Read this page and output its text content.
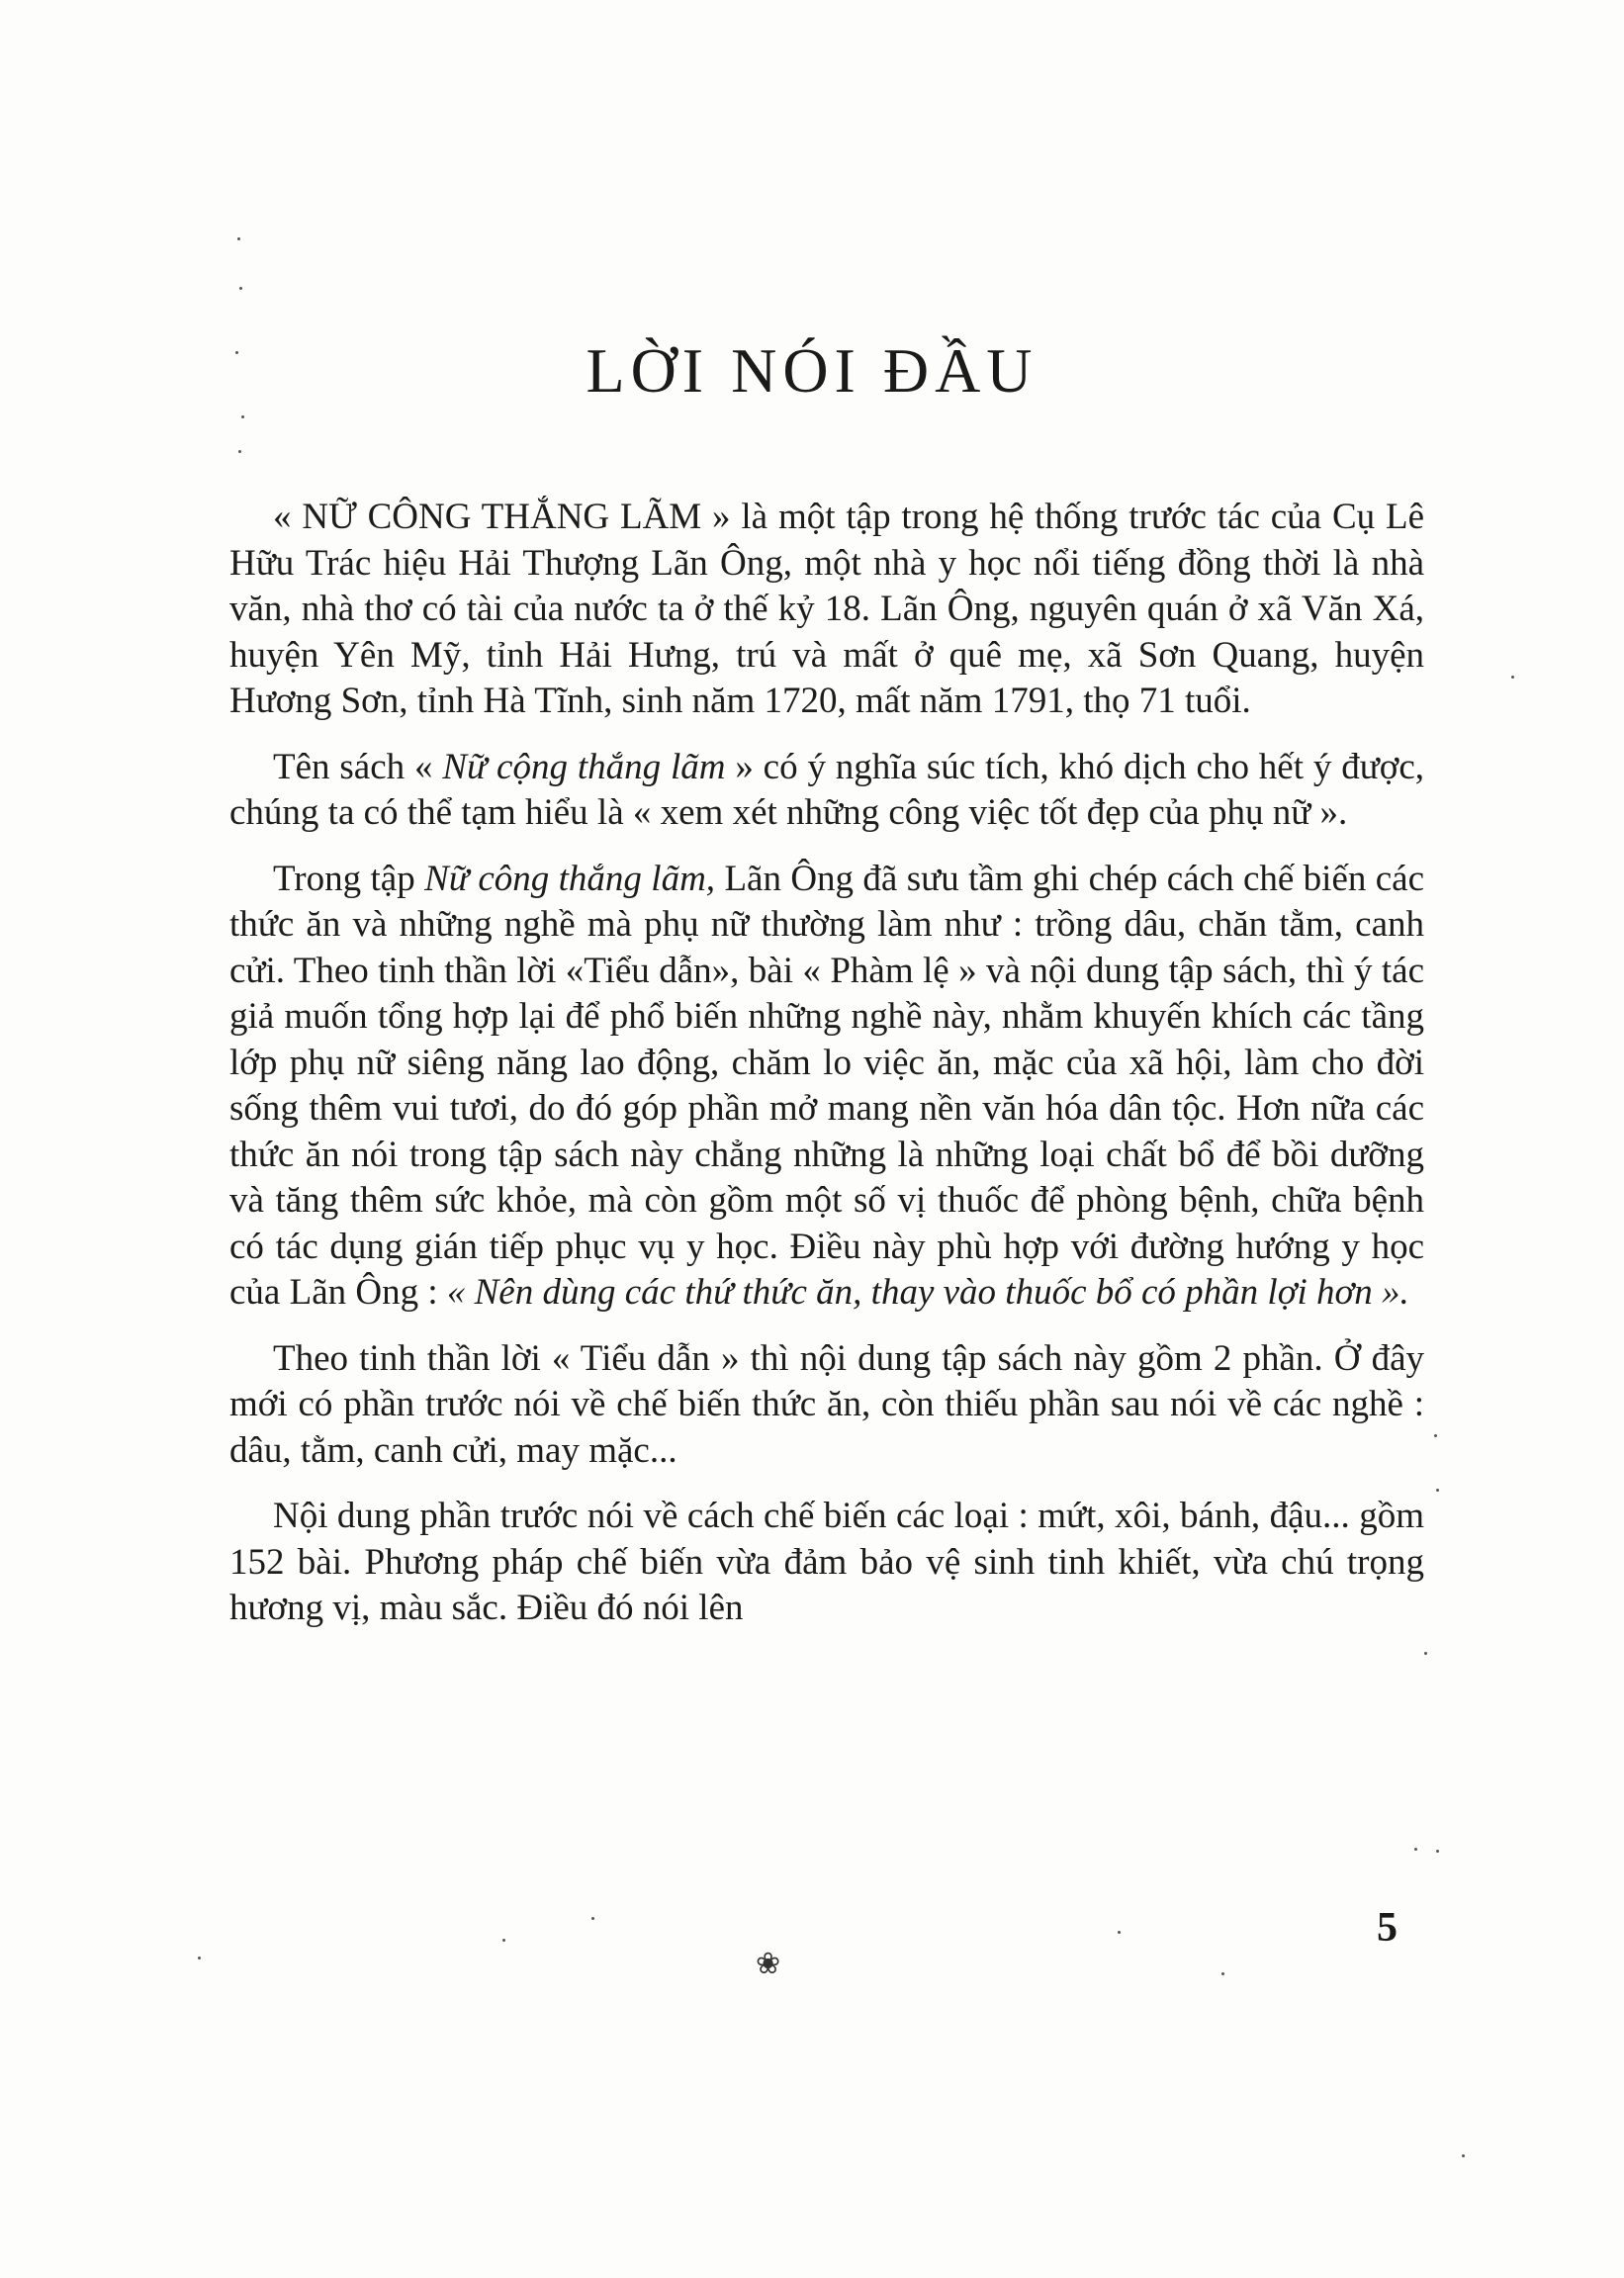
LỜI NÓI ĐẦU

« NỮ CÔNG THẮNG LÃM » là một tập trong hệ thống trước tác của Cụ Lê Hữu Trác hiệu Hải Thượng Lãn Ông, một nhà y học nổi tiếng đồng thời là nhà văn, nhà thơ có tài của nước ta ở thế kỷ 18. Lãn Ông, nguyên quán ở xã Văn Xá, huyện Yên Mỹ, tỉnh Hải Hưng, trú và mất ở quê mẹ, xã Sơn Quang, huyện Hương Sơn, tỉnh Hà Tĩnh, sinh năm 1720, mất năm 1791, thọ 71 tuổi.

Tên sách « Nữ cộng thắng lãm » có ý nghĩa súc tích, khó dịch cho hết ý được, chúng ta có thể tạm hiểu là « xem xét những công việc tốt đẹp của phụ nữ ».

Trong tập Nữ công thắng lãm, Lãn Ông đã sưu tầm ghi chép cách chế biến các thức ăn và những nghề mà phụ nữ thường làm như : trồng dâu, chăn tằm, canh cửi. Theo tinh thần lời «Tiểu dẫn», bài « Phàm lệ » và nội dung tập sách, thì ý tác giả muốn tổng hợp lại để phổ biến những nghề này, nhằm khuyến khích các tầng lớp phụ nữ siêng năng lao động, chăm lo việc ăn, mặc của xã hội, làm cho đời sống thêm vui tươi, do đó góp phần mở mang nền văn hóa dân tộc. Hơn nữa các thức ăn nói trong tập sách này chẳng những là những loại chất bổ để bồi dưỡng và tăng thêm sức khỏe, mà còn gồm một số vị thuốc để phòng bệnh, chữa bệnh có tác dụng gián tiếp phục vụ y học. Điều này phù hợp với đường hướng y học của Lãn Ông : « Nên dùng các thứ thức ăn, thay vào thuốc bổ có phần lợi hơn ».

Theo tinh thần lời « Tiểu dẫn » thì nội dung tập sách này gồm 2 phần. Ở đây mới có phần trước nói về chế biến thức ăn, còn thiếu phần sau nói về các nghề : dâu, tằm, canh cửi, may mặc...

Nội dung phần trước nói về cách chế biến các loại : mứt, xôi, bánh, đậu... gồm 152 bài. Phương pháp chế biến vừa đảm bảo vệ sinh tinh khiết, vừa chú trọng hương vị, màu sắc. Điều đó nói lên

5
❀
